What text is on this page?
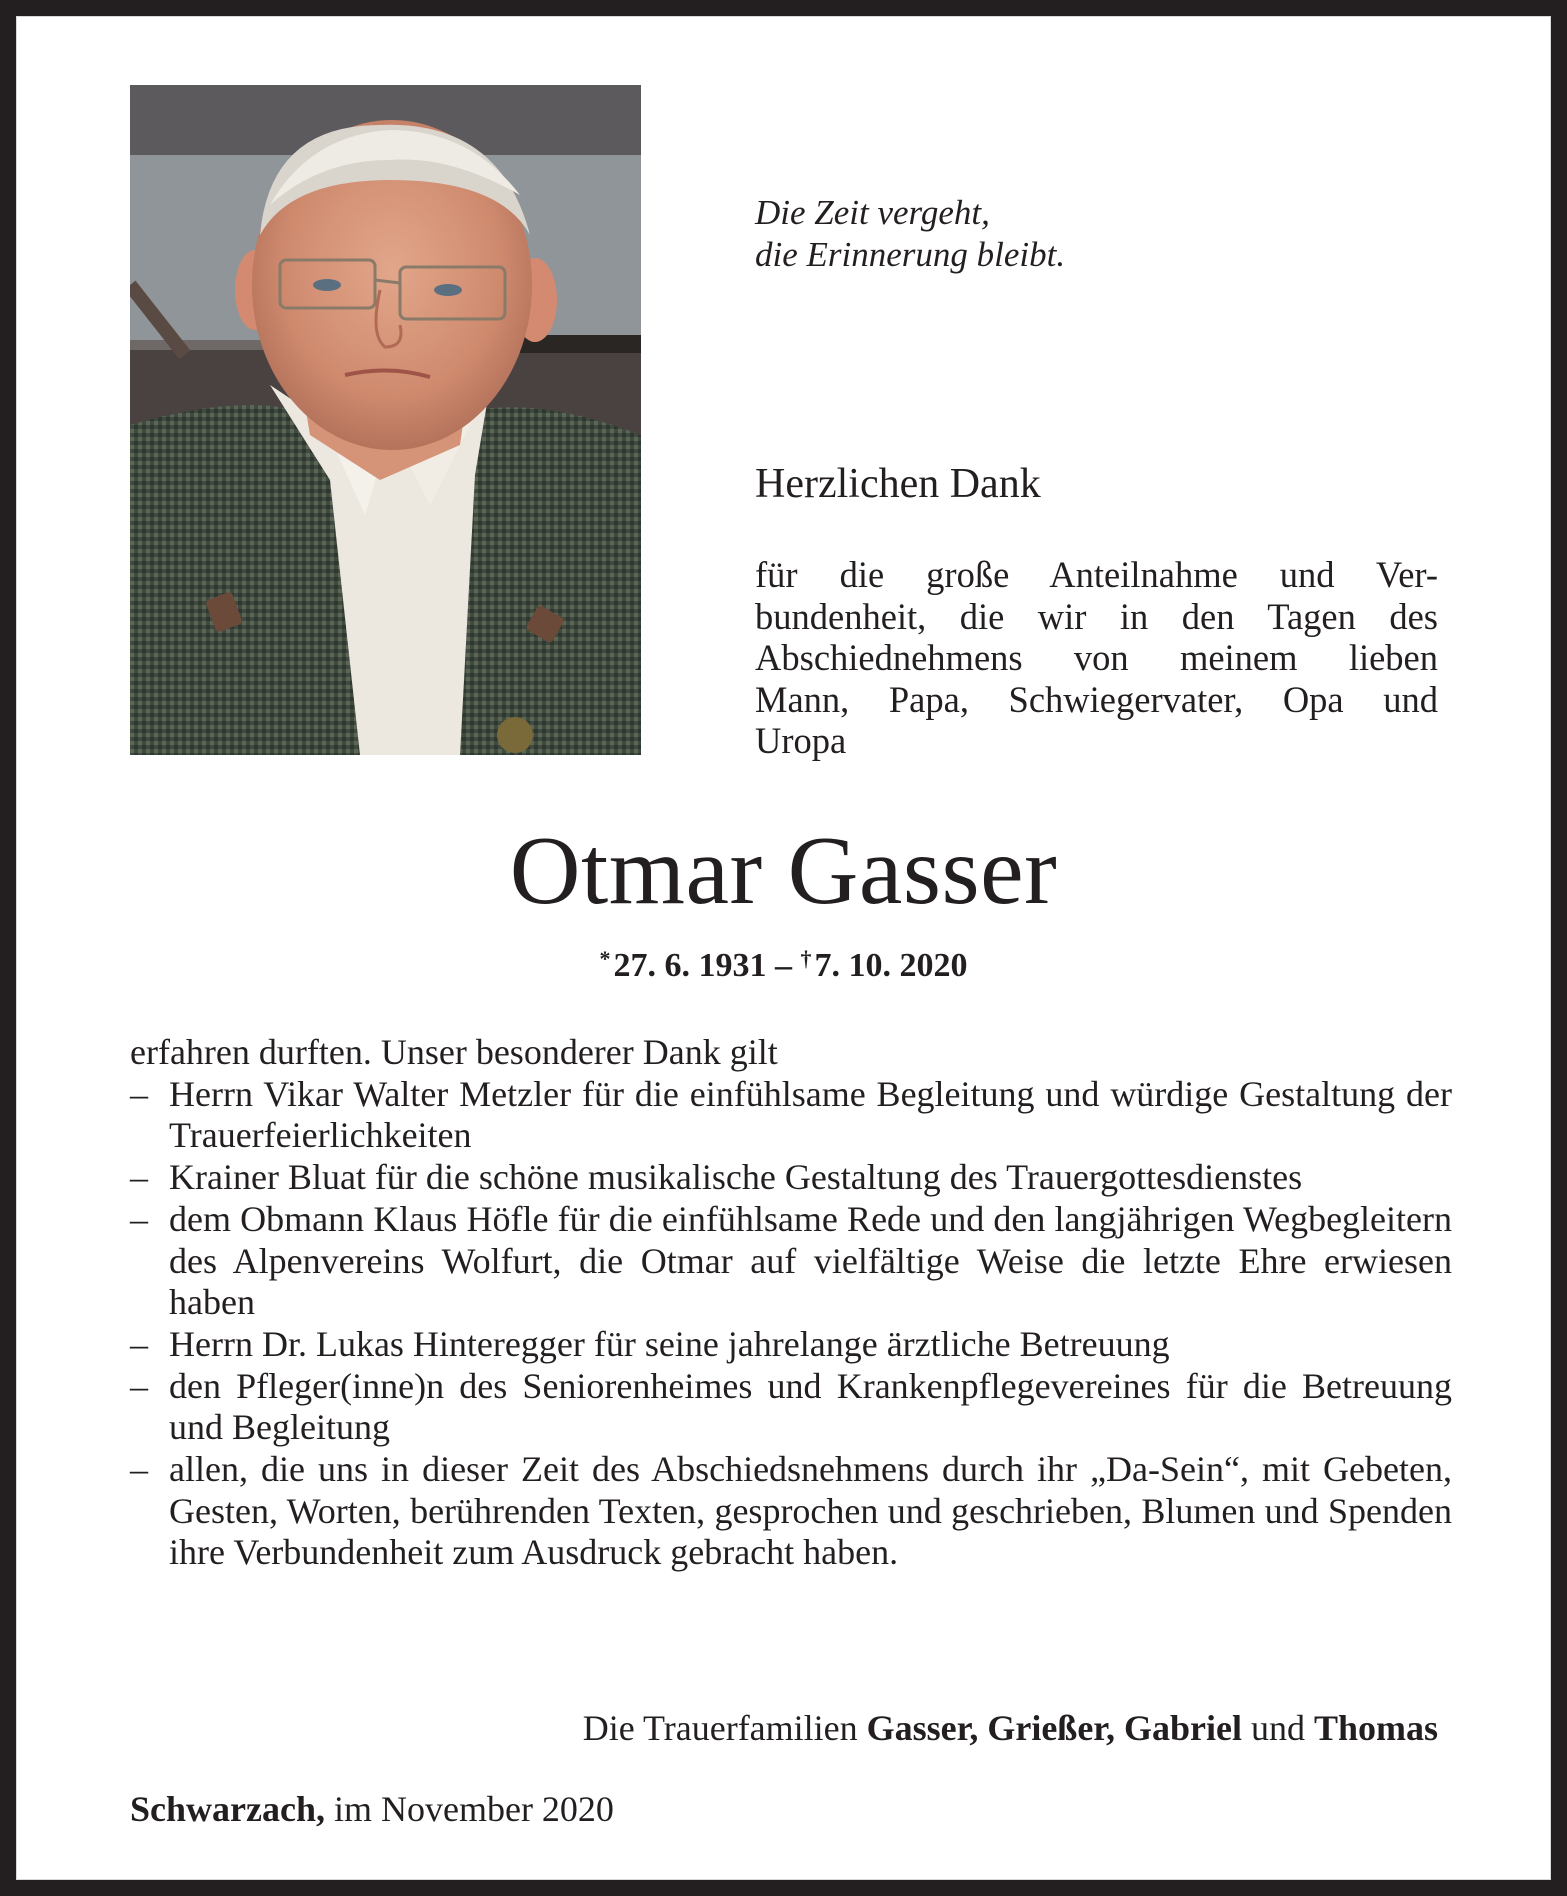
Die Zeit vergeht,
die Erinnerung bleibt.
Herzlichen Dank
für die große Anteilnahme und Ver-
bundenheit, die wir in den Tagen des
Abschiednehmens von meinem lieben
Mann, Papa, Schwiegervater, Opa und
Uropa
Otmar Gasser
*27. 6. 1931 – †7. 10. 2020
erfahren durften. Unser besonderer Dank gilt
– Herrn Vikar Walter Metzler für die einfühlsame Begleitung und würdige Gestaltung der Trauerfeierlichkeiten
– Krainer Bluat für die schöne musikalische Gestaltung des Trauergottesdienstes
– dem Obmann Klaus Höfle für die einfühlsame Rede und den langjährigen Wegbegleitern des Alpenvereins Wolfurt, die Otmar auf vielfältige Weise die letzte Ehre erwiesen haben
– Herrn Dr. Lukas Hinteregger für seine jahrelange ärztliche Betreuung
– den Pfleger(inne)n des Seniorenheimes und Krankenpflegevereines für die Betreuung und Begleitung
– allen, die uns in dieser Zeit des Abschiedsnehmens durch ihr „Da-Sein“, mit Gebeten, Gesten, Worten, berührenden Texten, gesprochen und geschrieben, Blumen und Spenden ihre Verbundenheit zum Ausdruck gebracht haben.
Die Trauerfamilien Gasser, Grießer, Gabriel und Thomas
Schwarzach, im November 2020
